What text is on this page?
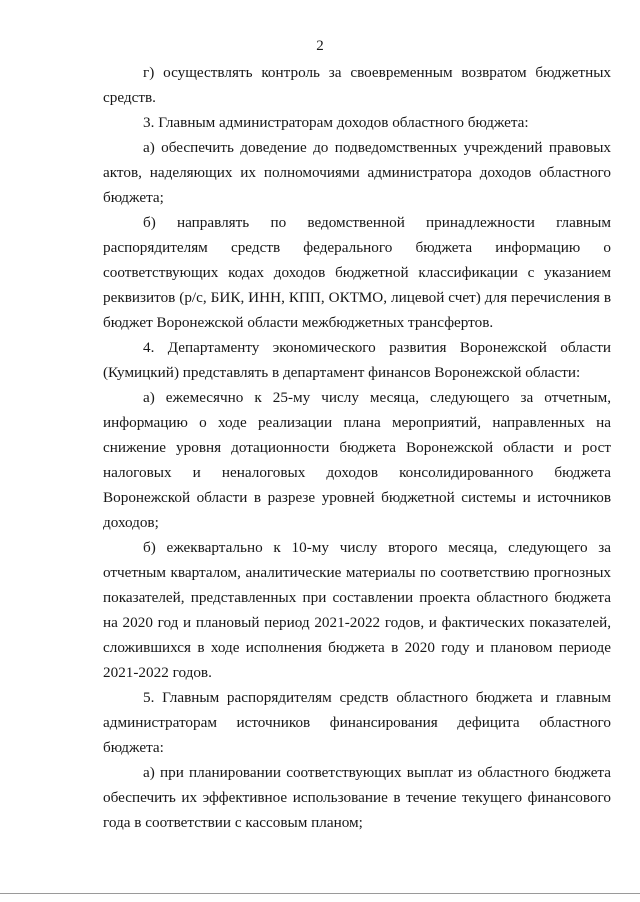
2

г) осуществлять контроль за своевременным возвратом бюджетных средств.

3. Главным администраторам доходов областного бюджета:

а) обеспечить доведение до подведомственных учреждений правовых актов, наделяющих их полномочиями администратора доходов областного бюджета;

б) направлять по ведомственной принадлежности главным распорядителям средств федерального бюджета информацию о соответствующих кодах доходов бюджетной классификации с указанием реквизитов (р/с, БИК, ИНН, КПП, ОКТМО, лицевой счет) для перечисления в бюджет Воронежской области межбюджетных трансфертов.

4. Департаменту экономического развития Воронежской области (Кумицкий) представлять в департамент финансов Воронежской области:

а) ежемесячно к 25-му числу месяца, следующего за отчетным, информацию о ходе реализации плана мероприятий, направленных на снижение уровня дотационности бюджета Воронежской области и рост налоговых и неналоговых доходов консолидированного бюджета Воронежской области в разрезе уровней бюджетной системы и источников доходов;

б) ежеквартально к 10-му числу второго месяца, следующего за отчетным кварталом, аналитические материалы по соответствию прогнозных показателей, представленных при составлении проекта областного бюджета на 2020 год и плановый период 2021-2022 годов, и фактических показателей, сложившихся в ходе исполнения бюджета в 2020 году и плановом периоде 2021-2022 годов.

5. Главным распорядителям средств областного бюджета и главным администраторам источников финансирования дефицита областного бюджета:

а) при планировании соответствующих выплат из областного бюджета обеспечить их эффективное использование в течение текущего финансового года в соответствии с кассовым планом;
